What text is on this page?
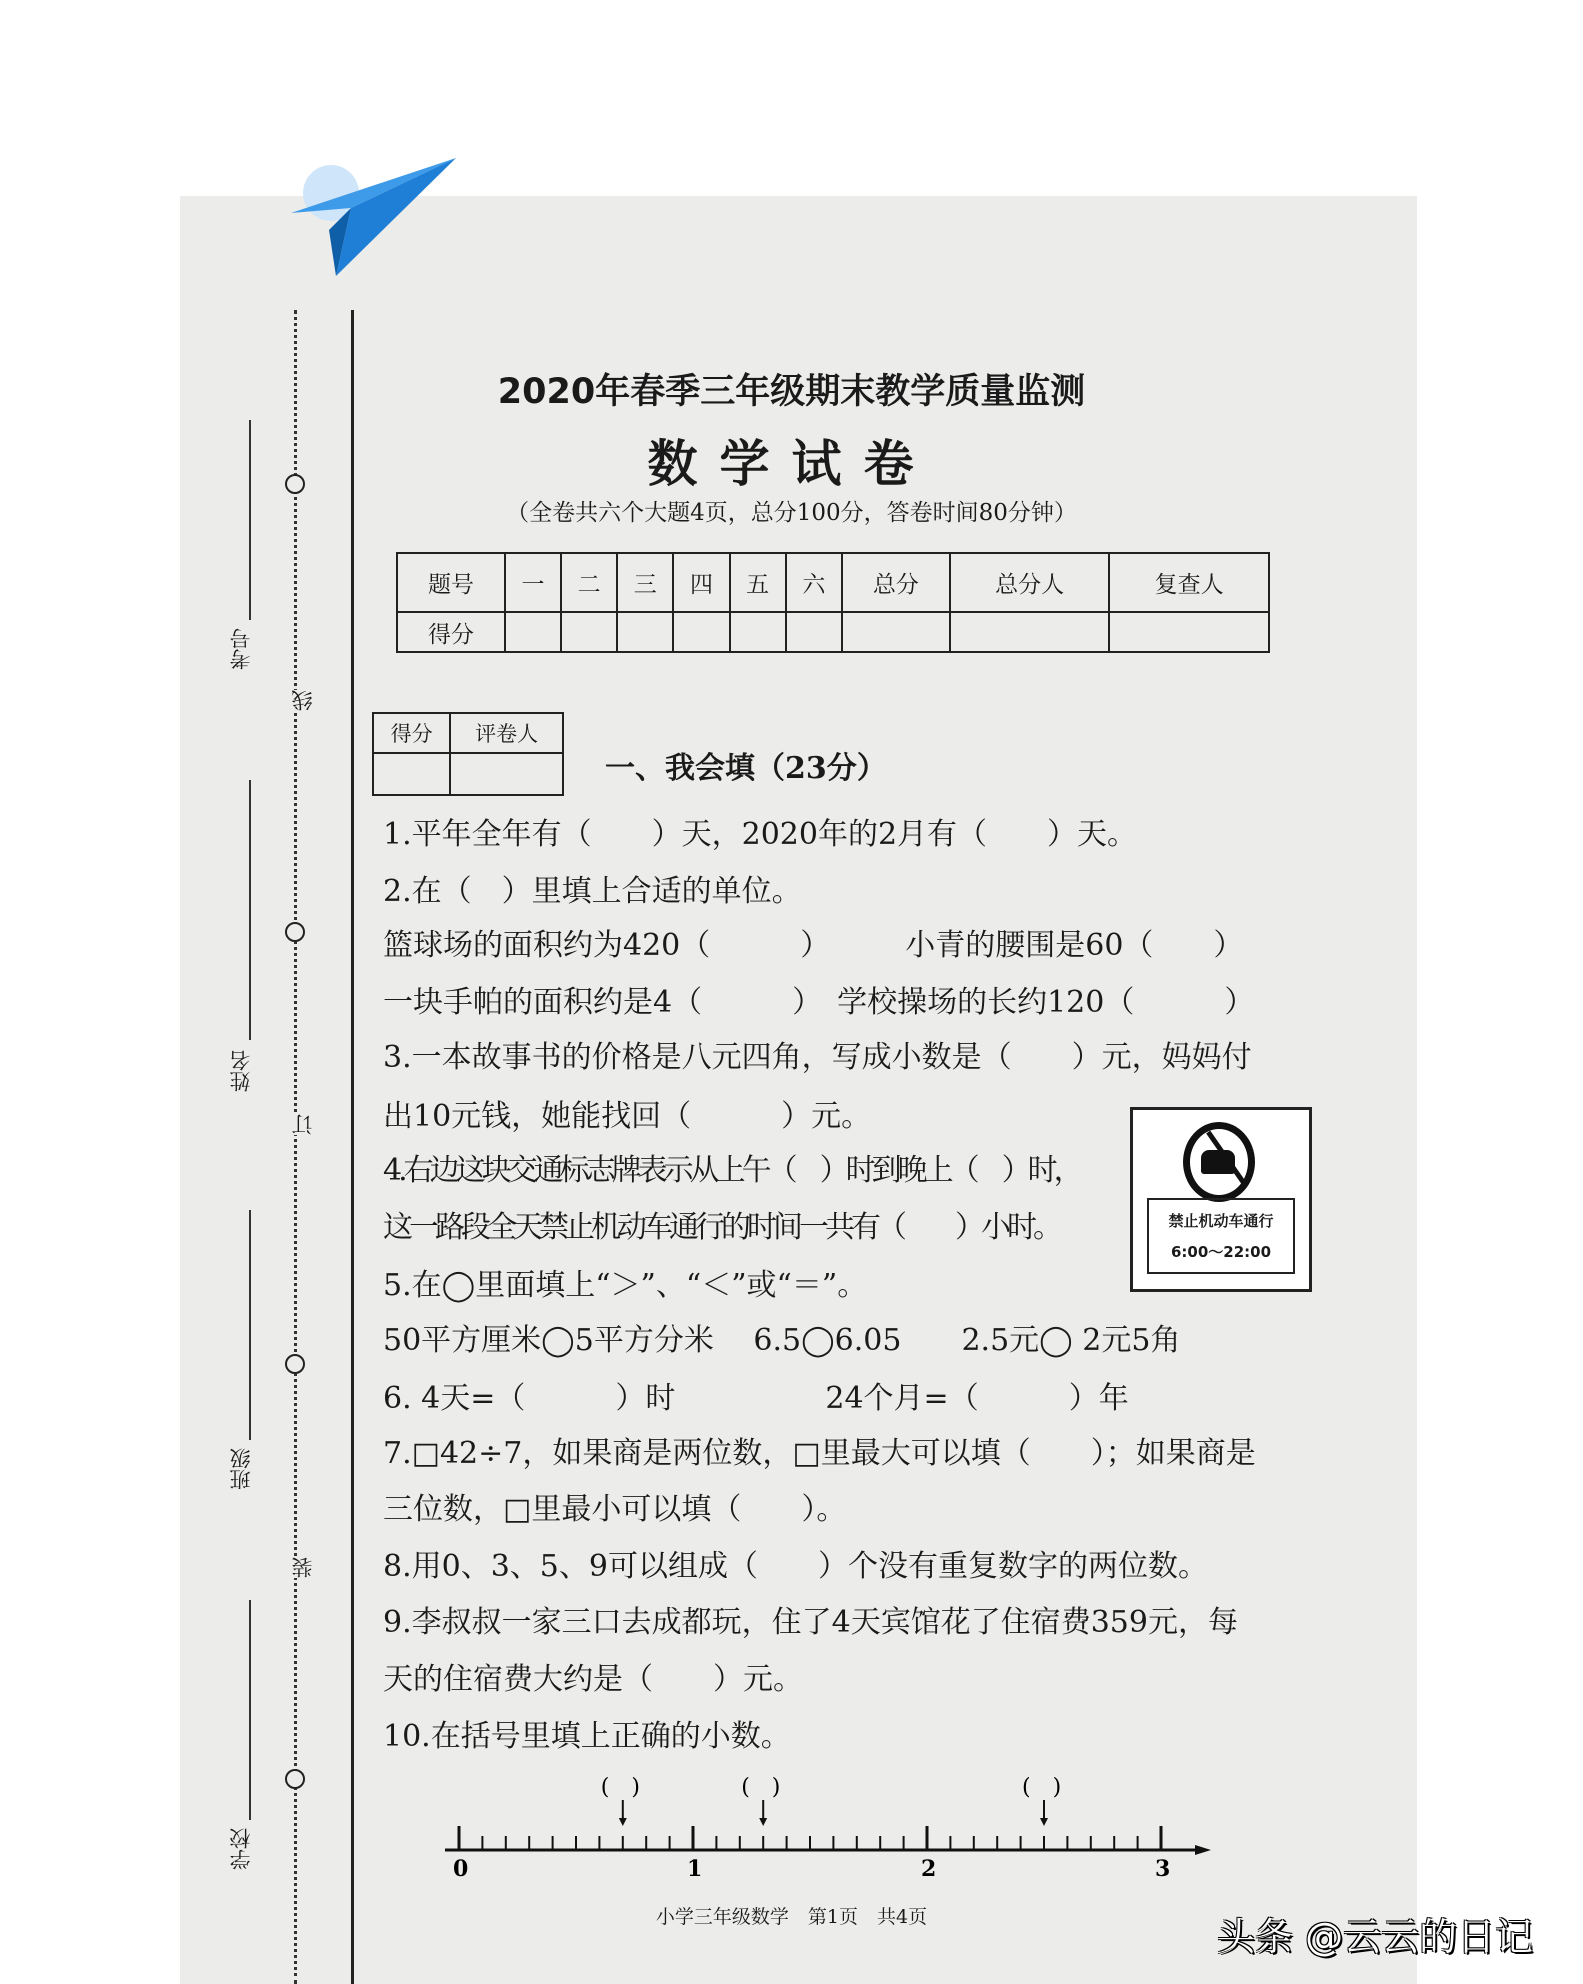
考号
姓名
班级
学校
线
订
装
2020年春季三年级期末教学质量监测
数学试卷
（全卷共六个大题4页，总分100分，答卷时间80分钟）
题号	一	二	三	四	五	六	总分	总分人	复查人
得分									
得分	评卷人

一、我会填（23分）
1.平年全年有（　　）天，2020年的2月有（　　）天。
2.在（　）里填上合适的单位。
篮球场的面积约为420（　　　）　　　小青的腰围是60（　　）
一块手帕的面积约是4（　　　）　学校操场的长约120（　　　）
3.一本故事书的价格是八元四角，写成小数是（　　）元，妈妈付
出10元钱，她能找回（　　　）元。
4.右边这块交通标志牌表示从上午（　）时到晚上（　）时，
这一路段全天禁止机动车通行的时间一共有（　　）小时。
5.在◯里面填上“＞”、“＜”或“＝”。
50平方厘米◯5平方分米　 6.5◯6.05　　2.5元◯ 2元5角
6. 4天=（　　　）时　　　　　24个月=（　　　）年
7.□42÷7，如果商是两位数，□里最大可以填（　　）；如果商是
三位数，□里最小可以填（　　）。
8.用0、3、5、9可以组成（　　）个没有重复数字的两位数。
9.李叔叔一家三口去成都玩，住了4天宾馆花了住宿费359元，每
天的住宿费大约是（　　）元。
10.在括号里填上正确的小数。
禁止机动车通行
6:00～22:00
0	1	2	3
(　)	(　)	(　)
小学三年级数学　第1页　共4页	头条 @云云的日记
